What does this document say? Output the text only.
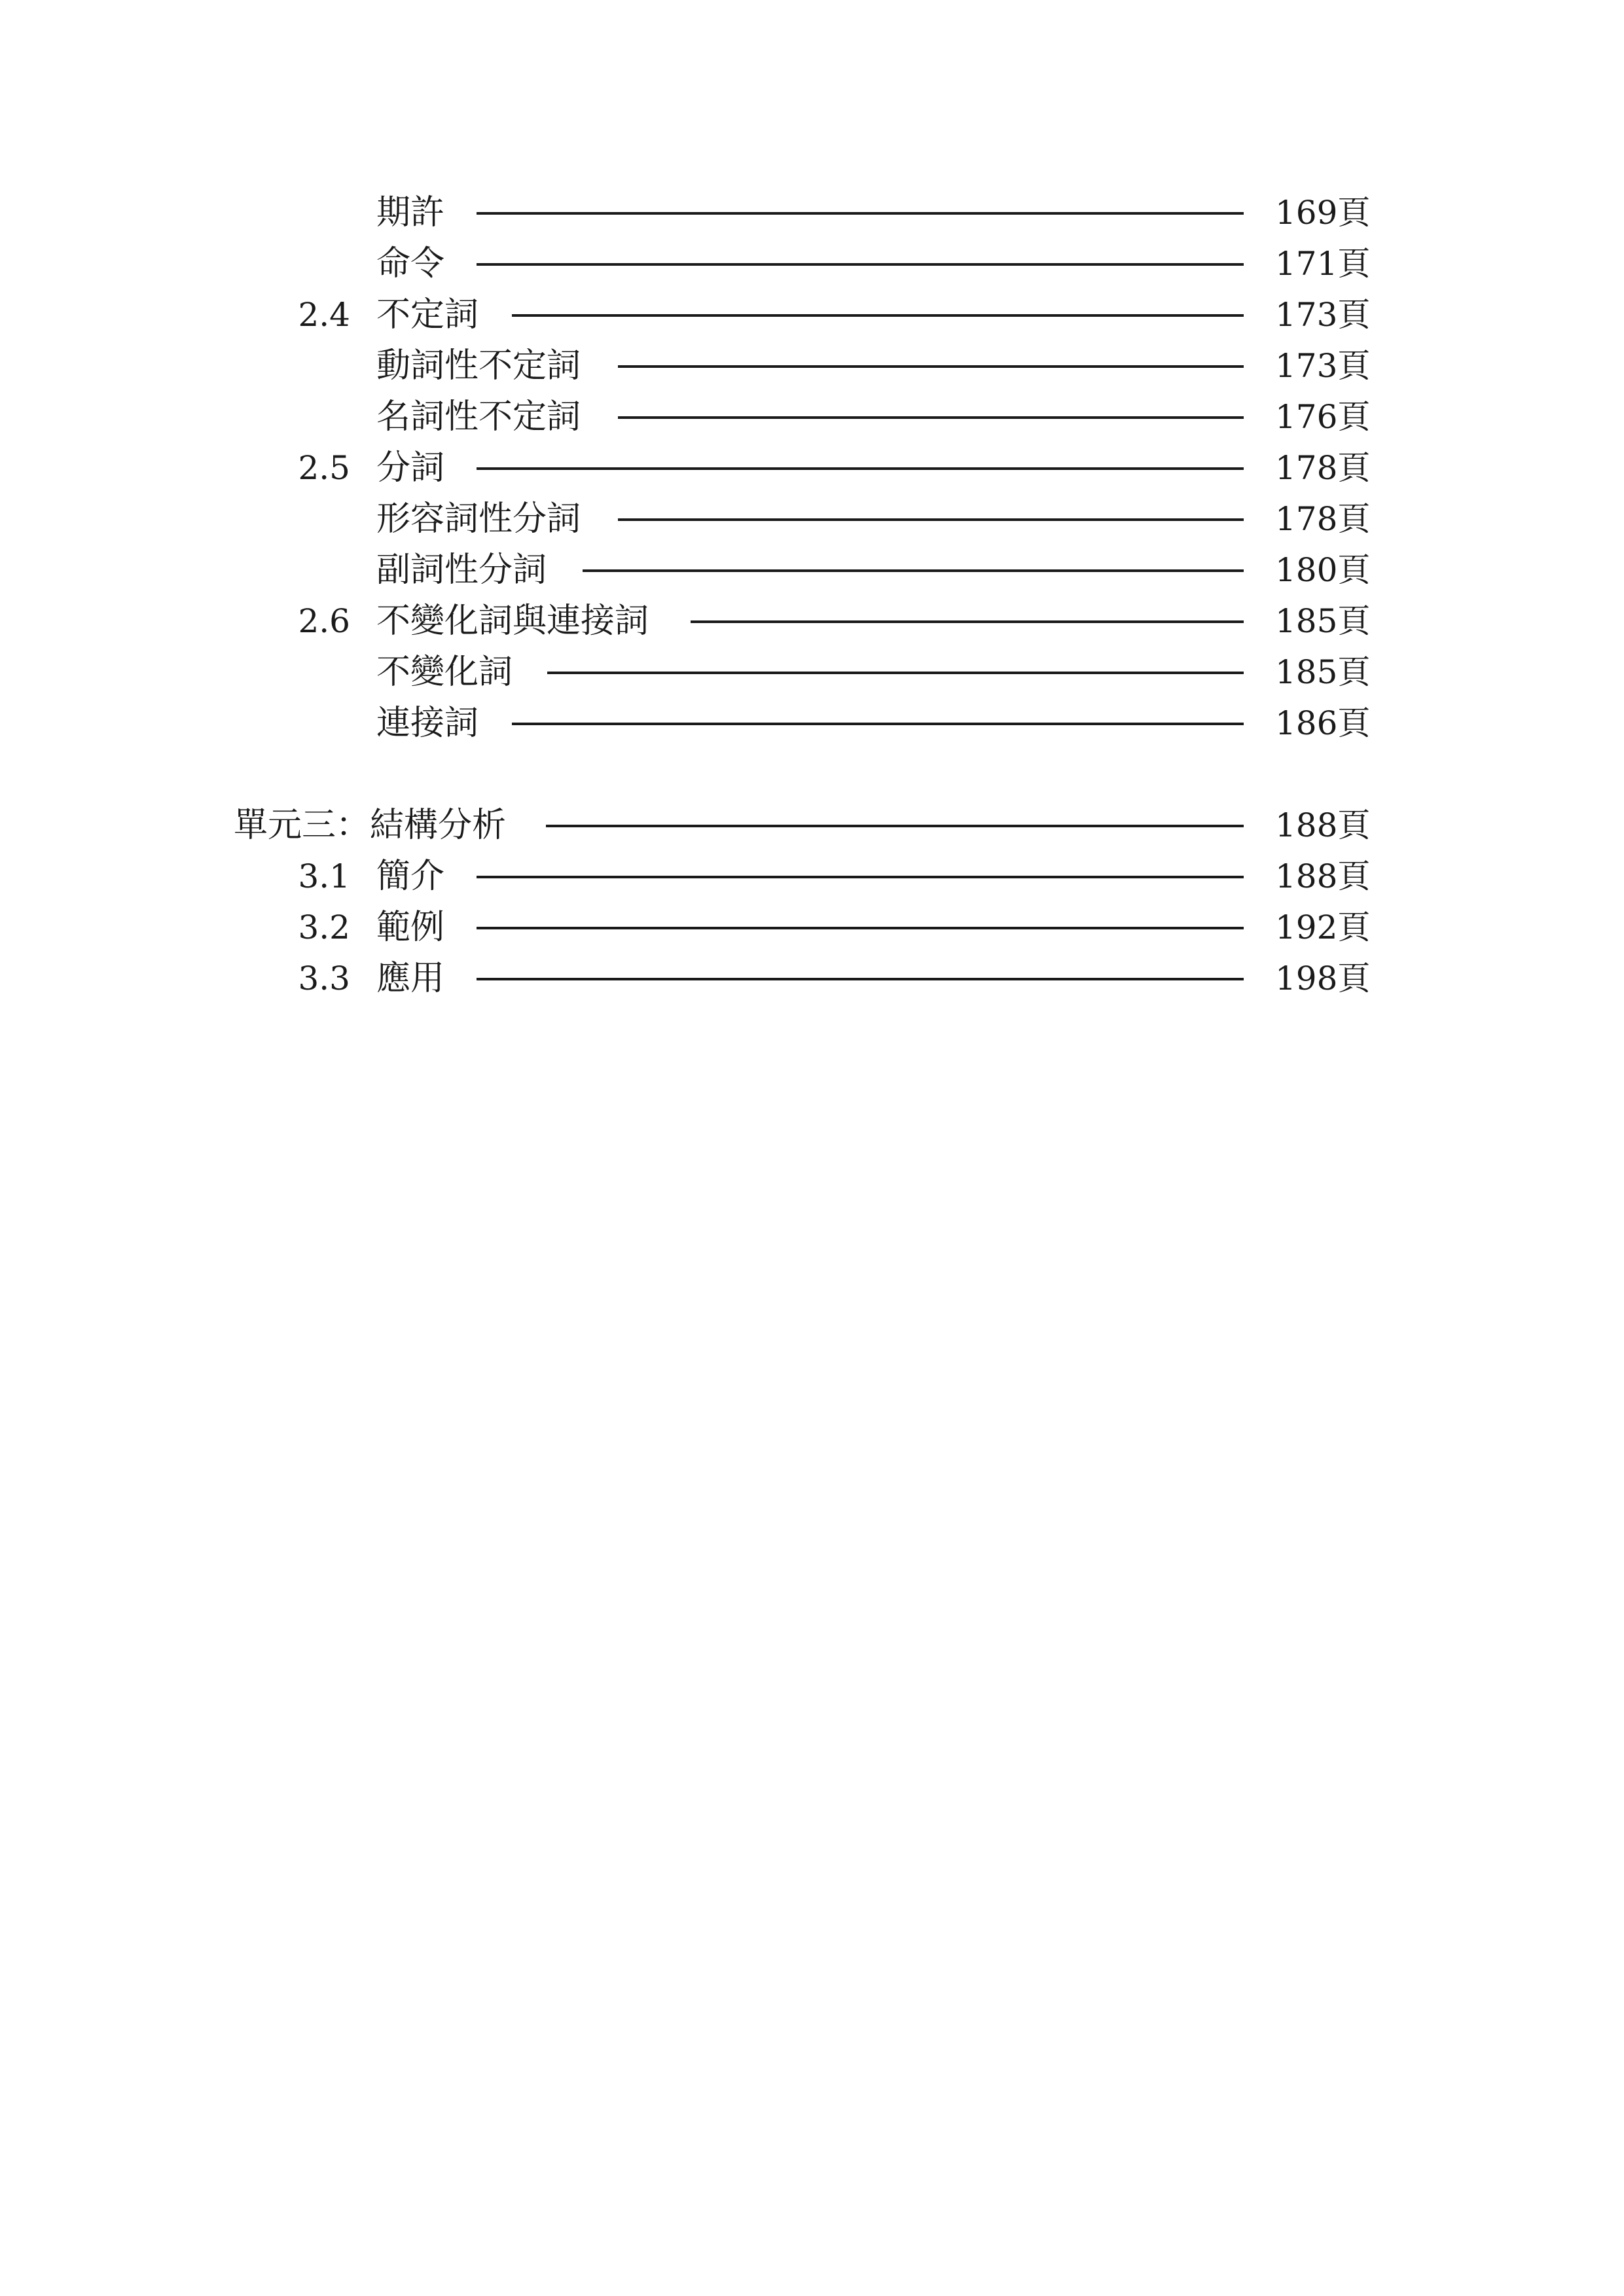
期許	169頁
命令	171頁
2.4 不定詞	173頁
動詞性不定詞	173頁
名詞性不定詞	176頁
2.5 分詞	178頁
形容詞性分詞	178頁
副詞性分詞	180頁
2.6 不變化詞與連接詞	185頁
不變化詞	185頁
連接詞	186頁
單元三：結構分析	188頁
3.1 簡介	188頁
3.2 範例	192頁
3.3 應用	198頁
